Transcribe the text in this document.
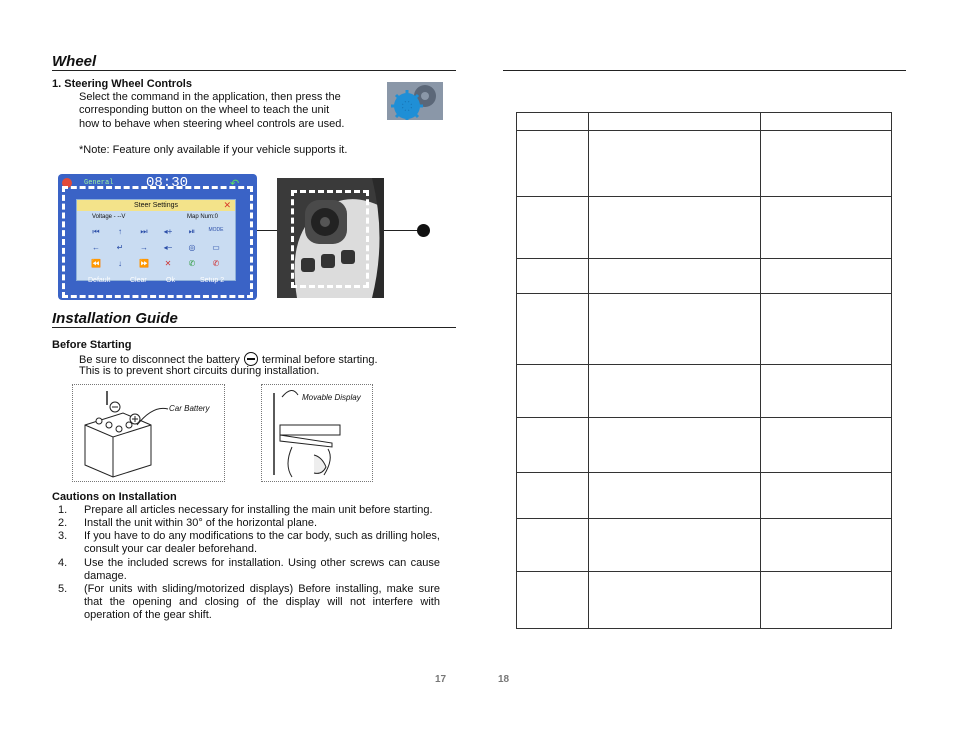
Wheel
1. Steering Wheel Controls
Select the command in the application, then press the
corresponding button on the wheel to teach the unit
how to behave when steering wheel controls are used.
*Note: Feature only available if your vehicle supports it.
General 08:30	↶
Steer Settings	✕
Voltage - --V	Map Num:0
⏮	↑	⏭	◂+	⏯	MODE
←	↵	→	◂−	◎	▭
⏪	↓	⏩	✕	✆	✆
Default	Clear	Ok	Setup 2
Installation Guide
Before Starting
Be sure to disconnect the battery terminal before starting.
This is to prevent short circuits during installation.
Car Battery
Movable Display
Cautions on Installation
1. Prepare all articles necessary for installing the main unit before starting.
2. Install the unit within 30° of the horizontal plane.
3. If you have to do any modifications to the car body, such as drilling holes, consult your car dealer beforehand.
4. Use the included screws for installation. Using other screws can cause damage.
5. (For units with sliding/motorized displays) Before installing, make sure that the opening and closing of the display will not interfere with operation of the gear shift.
17

			18
